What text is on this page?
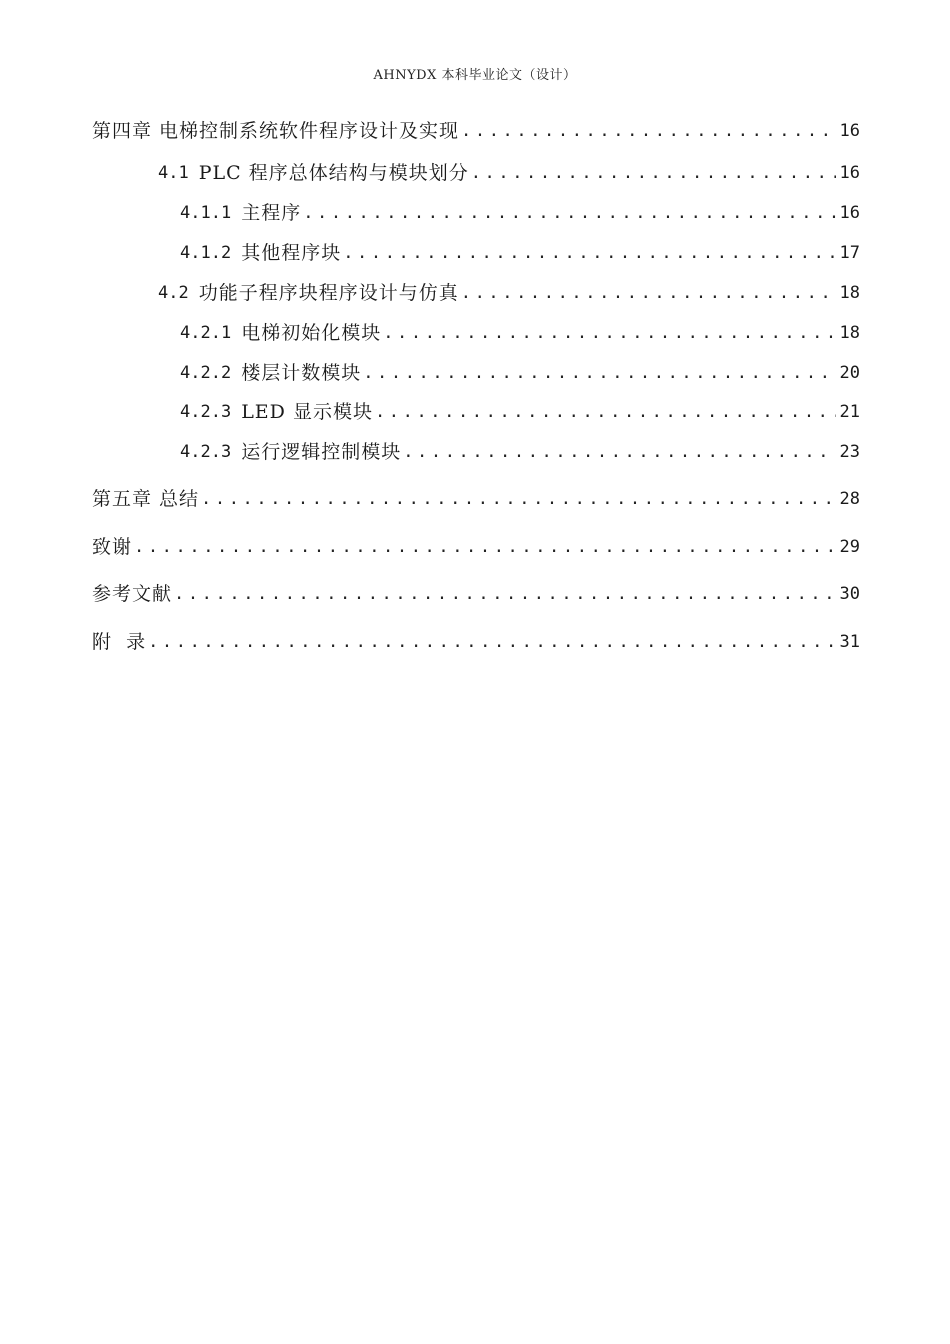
AHNYDX 本科毕业论文（设计）
第四章 电梯控制系统软件程序设计及实现 .....	16
4.1 PLC 程序总体结构与模块划分 .....	16
4.1.1 主程序 .....	16
4.1.2 其他程序块 .....	17
4.2 功能子程序块程序设计与仿真 .....	18
4.2.1 电梯初始化模块 .....	18
4.2.2 楼层计数模块 .....	20
4.2.3 LED 显示模块 .....	21
4.2.3 运行逻辑控制模块 .....	23
第五章 总结 .....	28
致谢 .....	29
参考文献 .....	30
附  录 .....	31
